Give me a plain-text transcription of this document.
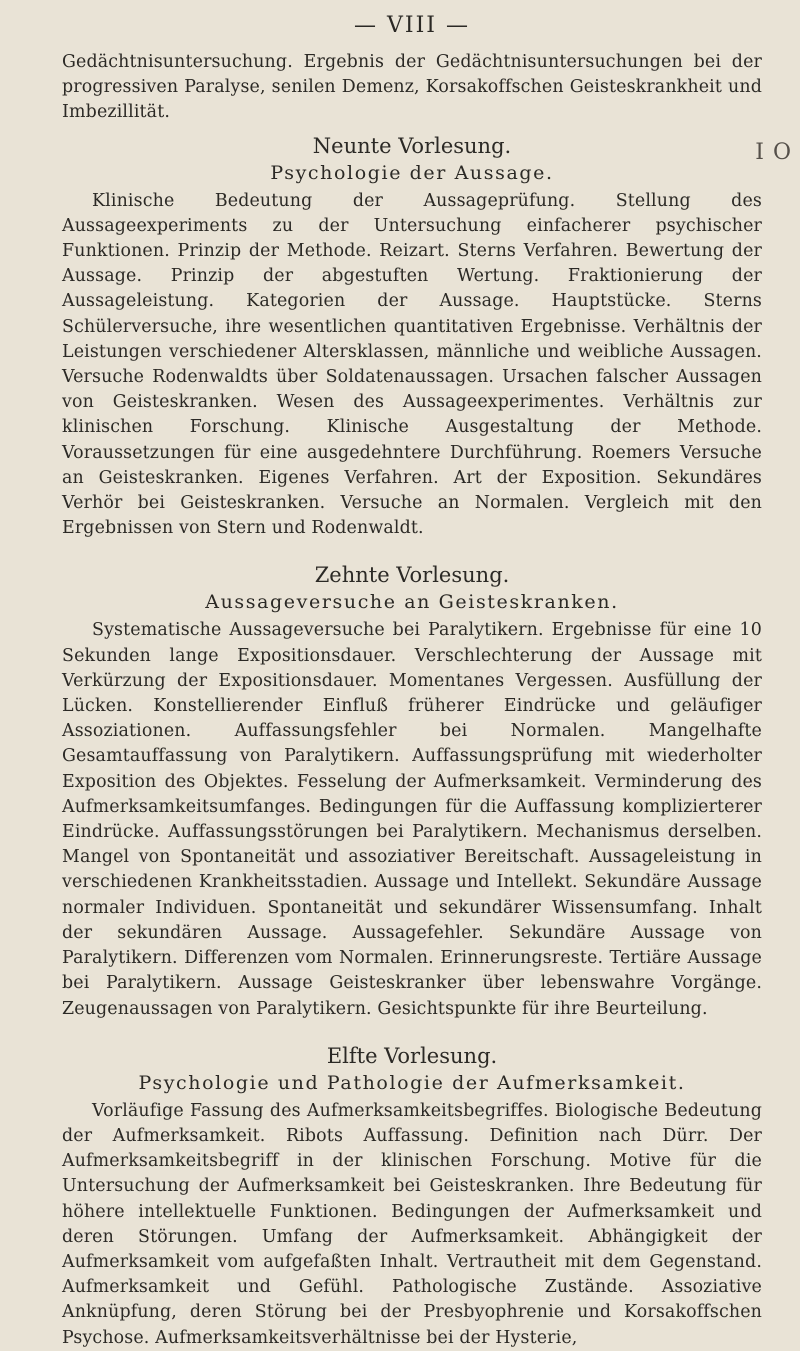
— VIII —

Gedächtnisuntersuchung. Ergebnis der Gedächtnisuntersuchungen bei der progressiven Paralyse, senilen Demenz, Korsakoffschen Geisteskrankheit und Imbezillität.

Neunte Vorlesung.
Psychologie der Aussage.

Klinische Bedeutung der Aussageprüfung. Stellung des Aussageexperiments zu der Untersuchung einfacherer psychischer Funktionen. Prinzip der Methode. Reizart. Sterns Verfahren. Bewertung der Aussage. Prinzip der abgestuften Wertung. Fraktionierung der Aussageleistung. Kategorien der Aussage. Hauptstücke. Sterns Schülerversuche, ihre wesentlichen quantitativen Ergebnisse. Verhältnis der Leistungen verschiedener Altersklassen, männliche und weibliche Aussagen. Versuche Rodenwaldts über Soldatenaussagen. Ursachen falscher Aussagen von Geisteskranken. Wesen des Aussageexperimentes. Verhältnis zur klinischen Forschung. Klinische Ausgestaltung der Methode. Voraussetzungen für eine ausgedehntere Durchführung. Roemers Versuche an Geisteskranken. Eigenes Verfahren. Art der Exposition. Sekundäres Verhör bei Geisteskranken. Versuche an Normalen. Vergleich mit den Ergebnissen von Stern und Rodenwaldt.

Zehnte Vorlesung.
Aussageversuche an Geisteskranken.

Systematische Aussageversuche bei Paralytikern. Ergebnisse für eine 10 Sekunden lange Expositionsdauer. Verschlechterung der Aussage mit Verkürzung der Expositionsdauer. Momentanes Vergessen. Ausfüllung der Lücken. Konstellierender Einfluß früherer Eindrücke und geläufiger Assoziationen. Auffassungsfehler bei Normalen. Mangelhafte Gesamtauffassung von Paralytikern. Auffassungsprüfung mit wiederholter Exposition des Objektes. Fesselung der Aufmerksamkeit. Verminderung des Aufmerksamkeitsumfanges. Bedingungen für die Auffassung komplizierterer Eindrücke. Auffassungsstörungen bei Paralytikern. Mechanismus derselben. Mangel von Spontaneität und assoziativer Bereitschaft. Aussageleistung in verschiedenen Krankheitsstadien. Aussage und Intellekt. Sekundäre Aussage normaler Individuen. Spontaneität und sekundärer Wissensumfang. Inhalt der sekundären Aussage. Aussagefehler. Sekundäre Aussage von Paralytikern. Differenzen vom Normalen. Erinnerungsreste. Tertiäre Aussage bei Paralytikern. Aussage Geisteskranker über lebenswahre Vorgänge. Zeugenaussagen von Paralytikern. Gesichtspunkte für ihre Beurteilung.

Elfte Vorlesung.
Psychologie und Pathologie der Aufmerksamkeit.

Vorläufige Fassung des Aufmerksamkeitsbegriffes. Biologische Bedeutung der Aufmerksamkeit. Ribots Auffassung. Definition nach Dürr. Der Aufmerksamkeitsbegriff in der klinischen Forschung. Motive für die Untersuchung der Aufmerksamkeit bei Geisteskranken. Ihre Bedeutung für höhere intellektuelle Funktionen. Bedingungen der Aufmerksamkeit und deren Störungen. Umfang der Aufmerksamkeit. Abhängigkeit der Aufmerksamkeit vom aufgefaßten Inhalt. Vertrautheit mit dem Gegenstand. Aufmerksamkeit und Gefühl. Pathologische Zustände. Assoziative Anknüpfung, deren Störung bei der Presbyophrenie und Korsakoffschen Psychose. Aufmerksamkeitsverhältnisse bei der Hysterie,

I O
